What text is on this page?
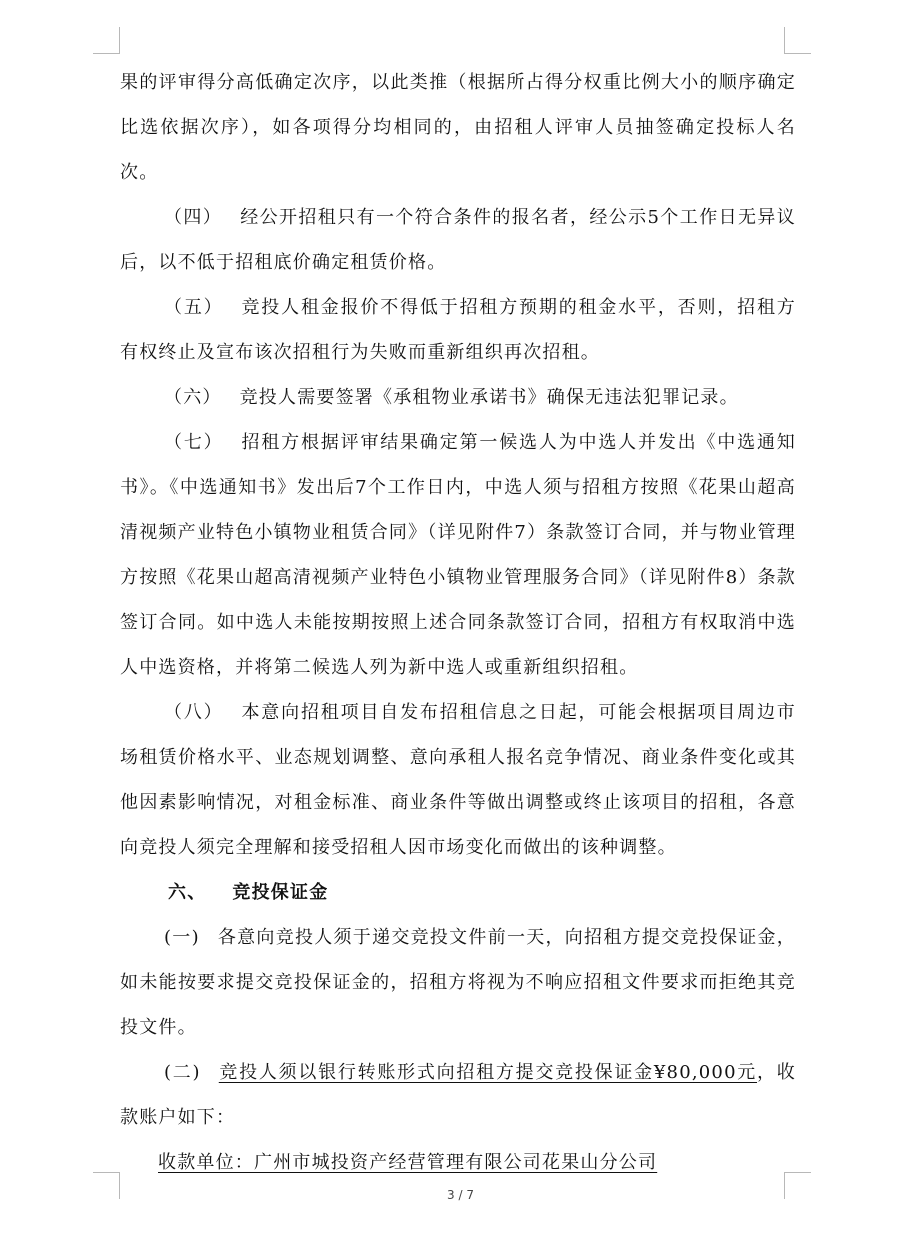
果的评审得分高低确定次序，以此类推（根据所占得分权重比例大小的顺序确定比选依据次序），如各项得分均相同的，由招租人评审人员抽签确定投标人名次。

（四） 经公开招租只有一个符合条件的报名者，经公示5个工作日无异议后，以不低于招租底价确定租赁价格。

（五） 竞投人租金报价不得低于招租方预期的租金水平，否则，招租方有权终止及宣布该次招租行为失败而重新组织再次招租。

（六） 竞投人需要签署《承租物业承诺书》确保无违法犯罪记录。

（七） 招租方根据评审结果确定第一候选人为中选人并发出《中选通知书》。《中选通知书》发出后7个工作日内，中选人须与招租方按照《花果山超高清视频产业特色小镇物业租赁合同》（详见附件7）条款签订合同，并与物业管理方按照《花果山超高清视频产业特色小镇物业管理服务合同》（详见附件8）条款签订合同。如中选人未能按期按照上述合同条款签订合同，招租方有权取消中选人中选资格，并将第二候选人列为新中选人或重新组织招租。

（八） 本意向招租项目自发布招租信息之日起，可能会根据项目周边市场租赁价格水平、业态规划调整、意向承租人报名竞争情况、商业条件变化或其他因素影响情况，对租金标准、商业条件等做出调整或终止该项目的招租，各意向竞投人须完全理解和接受招租人因市场变化而做出的该种调整。

六、 竞投保证金

(一) 各意向竞投人须于递交竞投文件前一天，向招租方提交竞投保证金，如未能按要求提交竞投保证金的，招租方将视为不响应招租文件要求而拒绝其竞投文件。

(二) 竞投人须以银行转账形式向招租方提交竞投保证金¥80,000元，收款账户如下：

收款单位：广州市城投资产经营管理有限公司花果山分公司

3 / 7
